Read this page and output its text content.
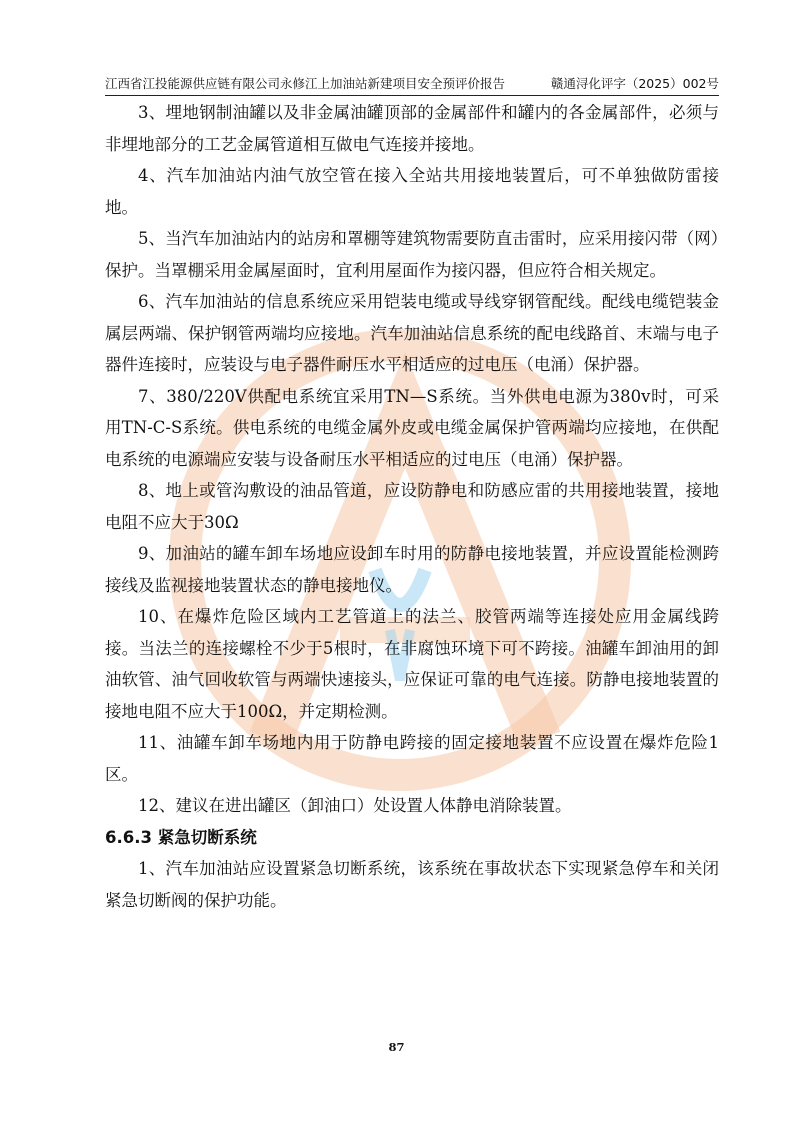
江西省江投能源供应链有限公司永修江上加油站新建项目安全预评价报告	赣通浔化评字（2025）002号

3、埋地钢制油罐以及非金属油罐顶部的金属部件和罐内的各金属部件，必须与非埋地部分的工艺金属管道相互做电气连接并接地。

4、汽车加油站内油气放空管在接入全站共用接地装置后，可不单独做防雷接地。

5、当汽车加油站内的站房和罩棚等建筑物需要防直击雷时，应采用接闪带（网）保护。当罩棚采用金属屋面时，宜利用屋面作为接闪器，但应符合相关规定。

6、汽车加油站的信息系统应采用铠装电缆或导线穿钢管配线。配线电缆铠装金属层两端、保护钢管两端均应接地。汽车加油站信息系统的配电线路首、末端与电子器件连接时，应装设与电子器件耐压水平相适应的过电压（电涌）保护器。

7、380/220V供配电系统宜采用TN—S系统。当外供电电源为380v时，可采用TN-C-S系统。供电系统的电缆金属外皮或电缆金属保护管两端均应接地，在供配电系统的电源端应安装与设备耐压水平相适应的过电压（电涌）保护器。

8、地上或管沟敷设的油品管道，应设防静电和防感应雷的共用接地装置，接地电阻不应大于30Ω

9、加油站的罐车卸车场地应设卸车时用的防静电接地装置，并应设置能检测跨接线及监视接地装置状态的静电接地仪。

10、在爆炸危险区域内工艺管道上的法兰、胶管两端等连接处应用金属线跨接。当法兰的连接螺栓不少于5根时，在非腐蚀环境下可不跨接。油罐车卸油用的卸油软管、油气回收软管与两端快速接头，应保证可靠的电气连接。防静电接地装置的接地电阻不应大于100Ω，并定期检测。

11、油罐车卸车场地内用于防静电跨接的固定接地装置不应设置在爆炸危险1区。

12、建议在进出罐区（卸油口）处设置人体静电消除装置。

6.6.3 紧急切断系统

1、汽车加油站应设置紧急切断系统，该系统在事故状态下实现紧急停车和关闭紧急切断阀的保护功能。

87
